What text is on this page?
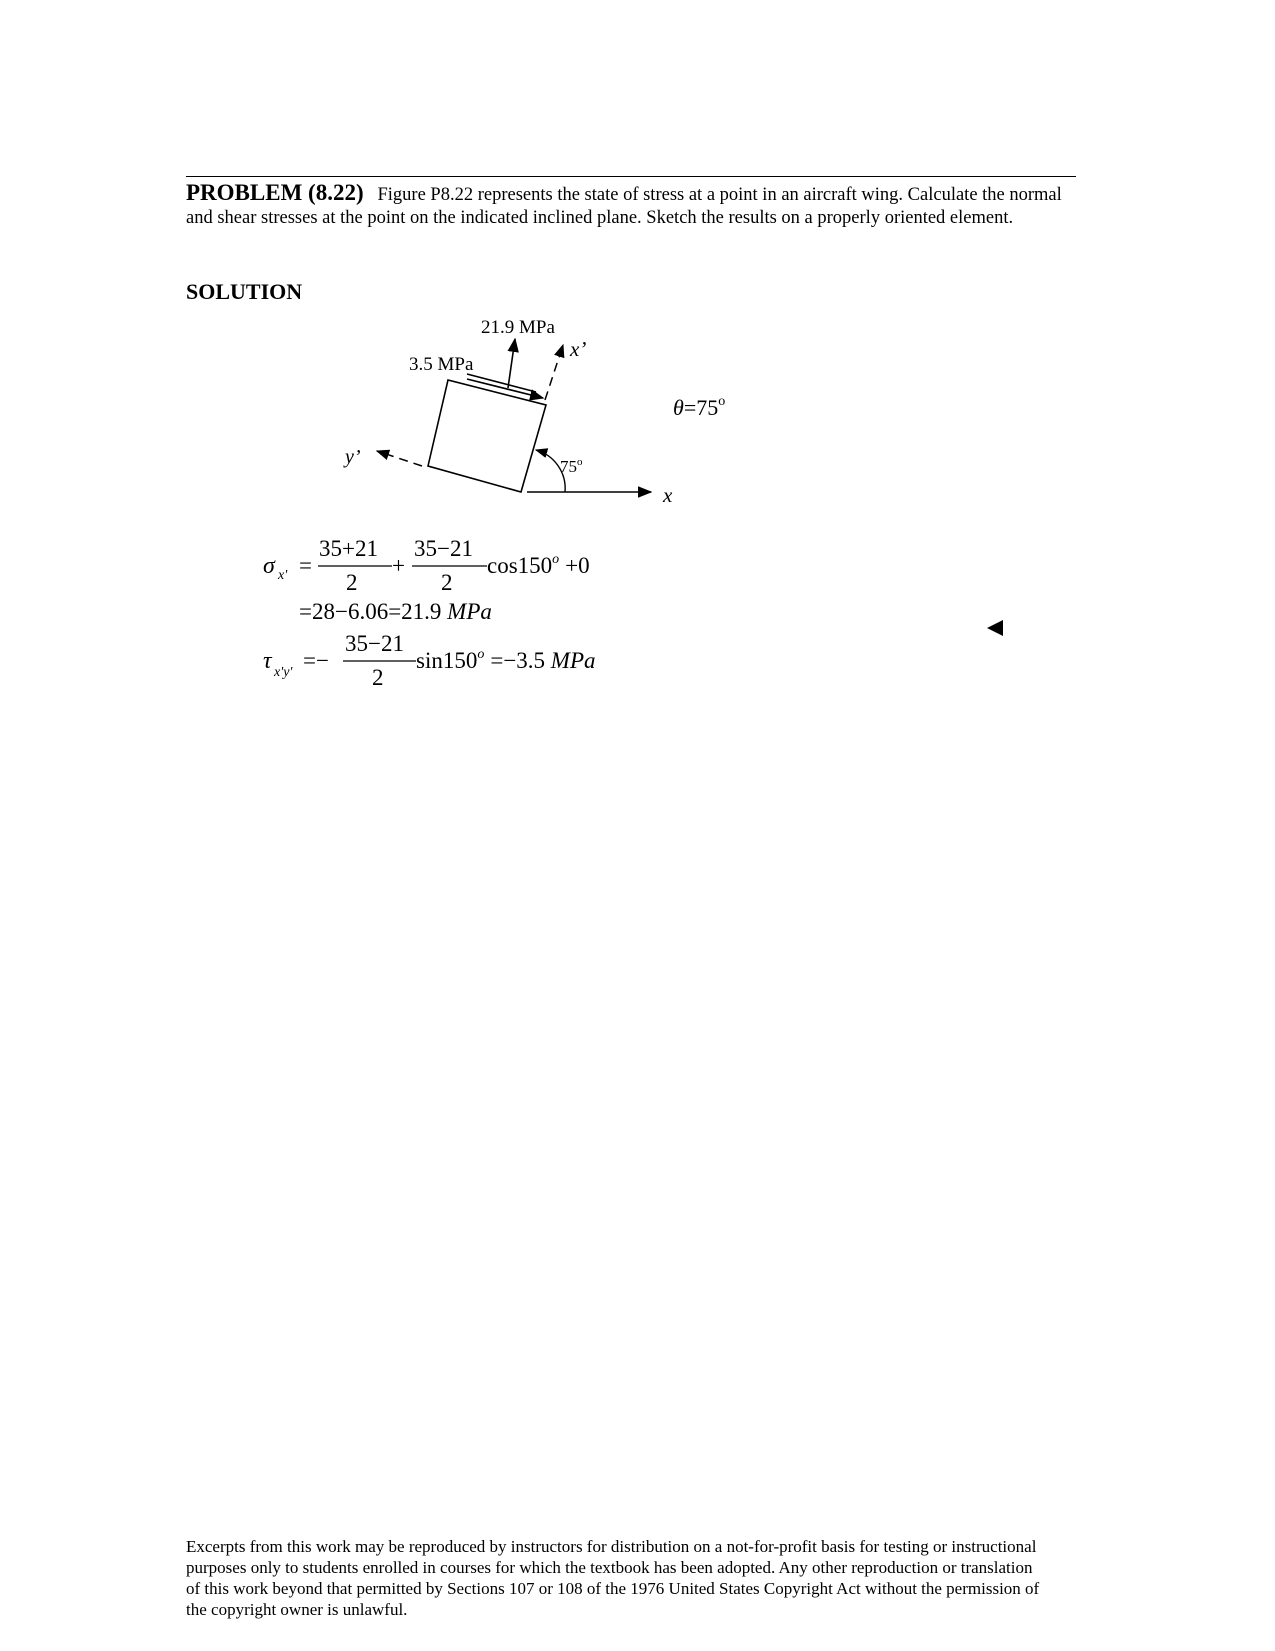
PROBLEM (8.22) Figure P8.22 represents the state of stress at a point in an aircraft wing. Calculate the normal and shear stresses at the point on the indicated inclined plane. Sketch the results on a properly oriented element.
SOLUTION
21.9 MPa
3.5 MPa
x’
y’
x
75$^o$
$\theta=75^o$
σ x' =
35+21
2
+
35−21
2
$\cos 150^o +0$
=28−6.06=21.9 MPa
τ x'y' =−
35−21
2
$\sin 150^o =-3.5$ MPa
Excerpts from this work may be reproduced by instructors for distribution on a not-for-profit basis for testing or instructional purposes only to students enrolled in courses for which the textbook has been adopted. Any other reproduction or translation of this work beyond that permitted by Sections 107 or 108 of the 1976 United States Copyright Act without the permission of the copyright owner is unlawful.
